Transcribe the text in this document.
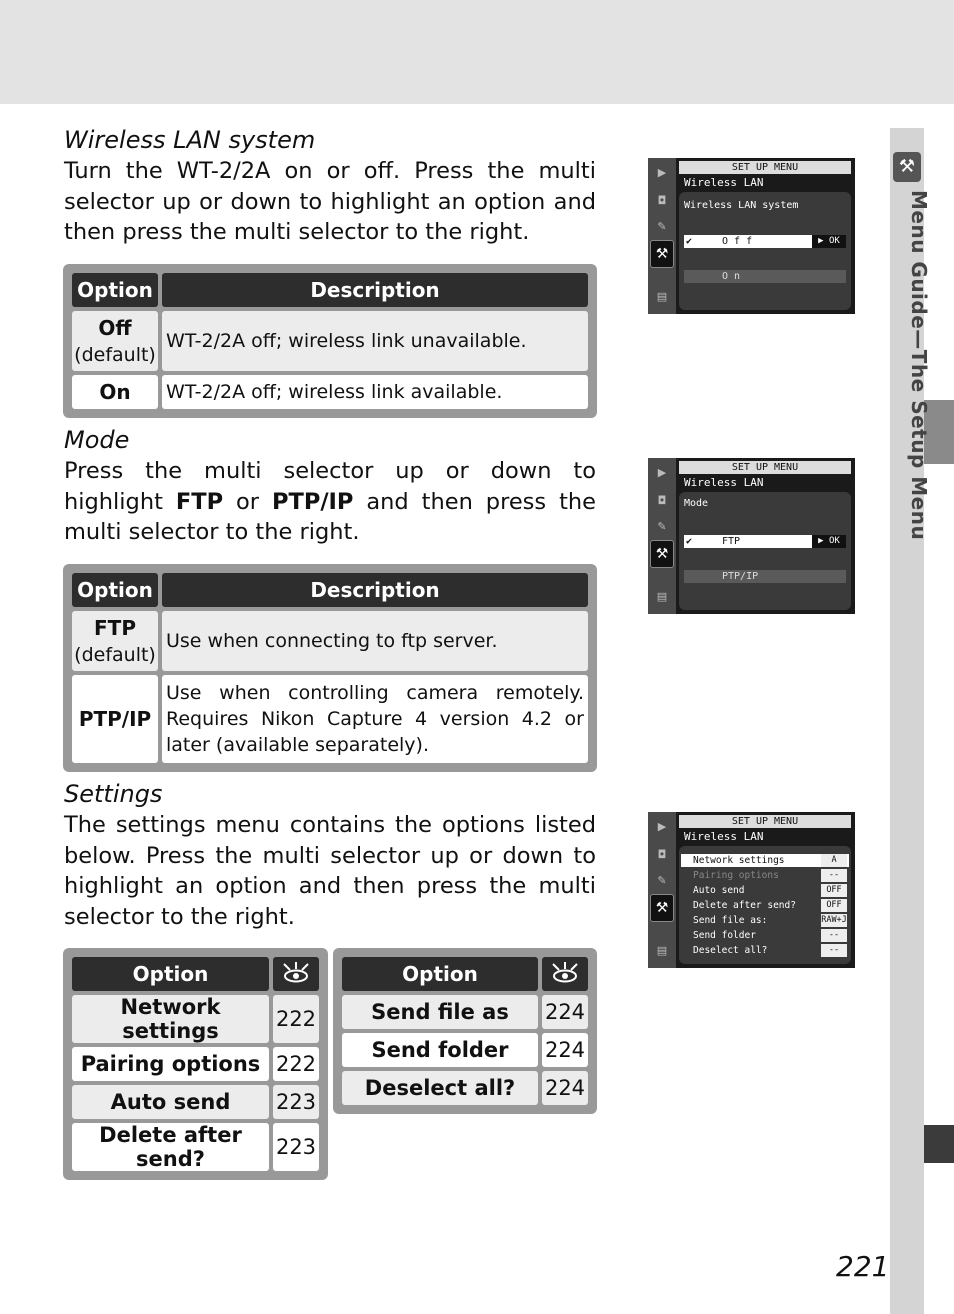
⚒
Menu Guide—The Setup Menu
Wireless LAN system
Turn the WT-2/2A on or off. Press the multi selector up or down to highlight an option and then press the multi selector to the right.
Option	Description
Off
(default)	WT-2/2A off; wireless link unavailable.
On	WT-2/2A off; wireless link available.
Mode
Press the multi selector up or down to highlight FTP or PTP/IP and then press the multi selector to the right.
Option	Description
FTP
(default)	Use when connecting to ftp server.
PTP/IP	Use when controlling camera remotely. Requires Nikon Capture 4 version 4.2 or later (available separately).
Settings
The settings menu contains the options listed below. Press the multi selector up or down to highlight an option and then press the multi selector to the right.
Option	
Network settings	222
Pairing options	222
Auto send	223
Delete after send?	223
Option	
Send file as	224
Send folder	224
Deselect all?	224
▶
◘
✎
⚒
▤
SET UP MENU
Wireless LAN
Wireless LAN system
✔	O f f	▶ OK
O n
▶
◘
✎
⚒
▤
SET UP MENU
Wireless LAN
Mode
✔	FTP	▶ OK
PTP/IP
▶
◘
✎
⚒
▤
SET UP MENU
Wireless LAN
Network settings	A
Pairing options	--
Auto send	OFF
Delete after send?	OFF
Send file as:	RAW+J
Send folder	--
Deselect all?	--
221
